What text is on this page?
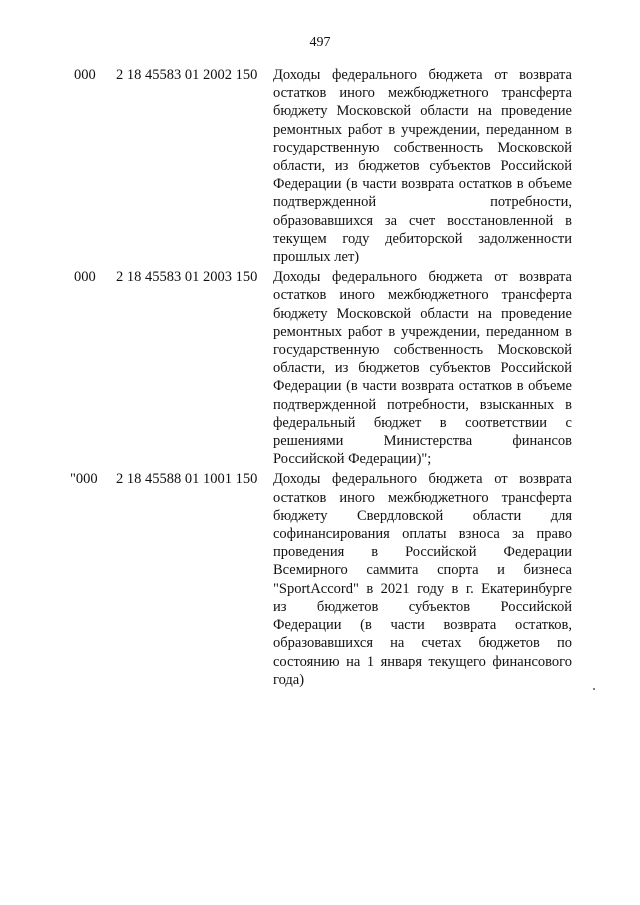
497
000 2 18 45583 01 2002 150 Доходы федерального бюджета от возврата
остатков иного межбюджетного трансферта
бюджету Московской области на проведение
ремонтных работ в учреждении, переданном в
государственную собственность Московской
области, из бюджетов субъектов Российской
Федерации (в части возврата остатков в объеме
подтвержденной потребности,
образовавшихся за счет восстановленной в
текущем году дебиторской задолженности
прошлых лет)
000 2 18 45583 01 2003 150 Доходы федерального бюджета от возврата
остатков иного межбюджетного трансферта
бюджету Московской области на проведение
ремонтных работ в учреждении, переданном в
государственную собственность Московской
области, из бюджетов субъектов Российской
Федерации (в части возврата остатков в объеме
подтвержденной потребности, взысканных в
федеральный бюджет в соответствии с
решениями Министерства финансов
Российской Федерации)";
"000 2 18 45588 01 1001 150 Доходы федерального бюджета от возврата
остатков иного межбюджетного трансферта
бюджету Свердловской области для
софинансирования оплаты взноса за право
проведения в Российской Федерации
Всемирного саммита спорта и бизнеса
"SportAccord" в 2021 году в г. Екатеринбурге
из бюджетов субъектов Российской
Федерации (в части возврата остатков,
образовавшихся на счетах бюджетов по
состоянию на 1 января текущего финансового
года)
